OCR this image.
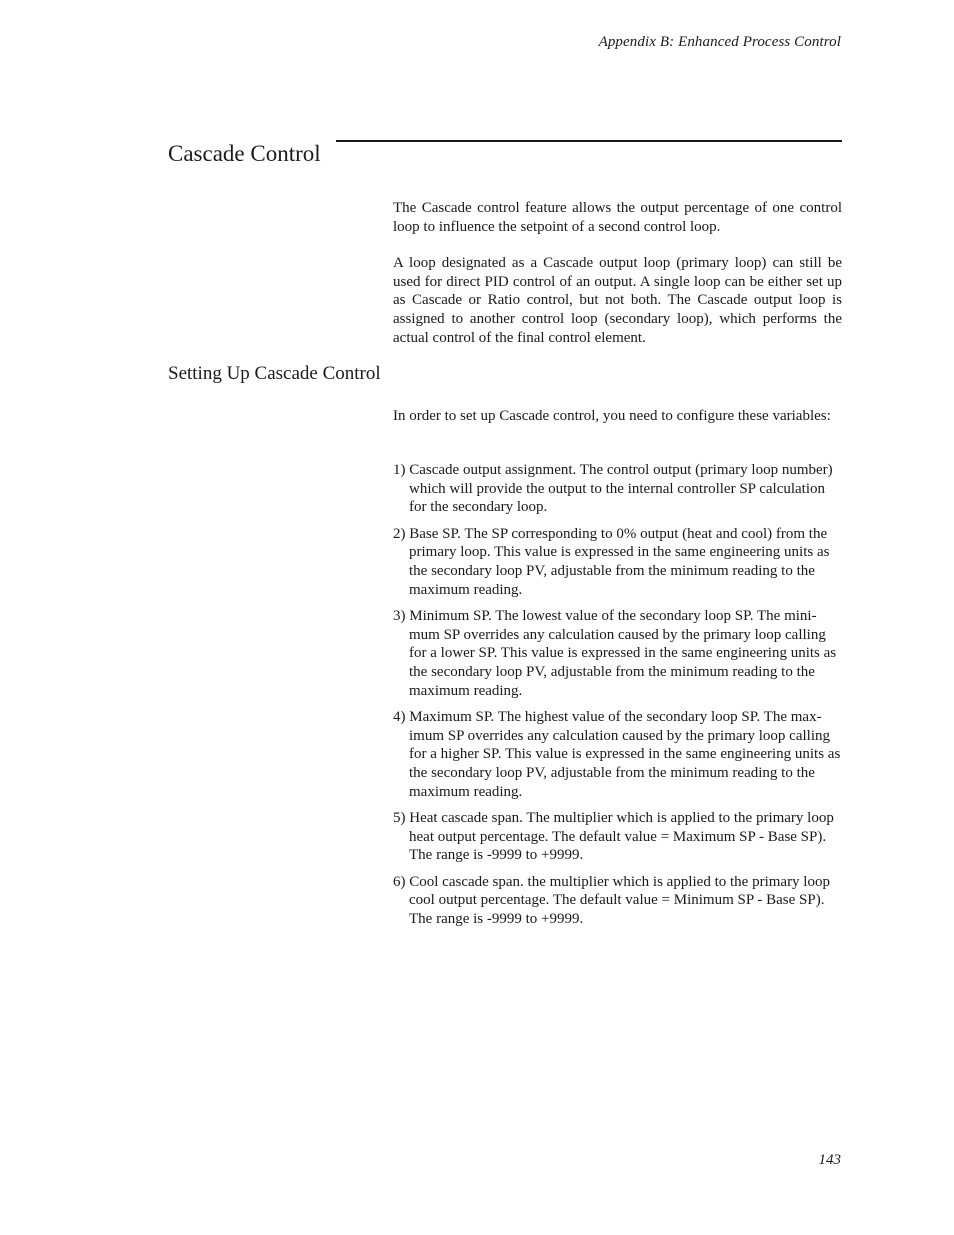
Appendix B: Enhanced Process Control
Cascade Control

The Cascade control feature allows the output percentage of one control loop to influence the setpoint of a second control loop.

A loop designated as a Cascade output loop (primary loop) can still be used for direct PID control of an output. A single loop can be either set up as Cascade or Ratio control, but not both. The Cascade output loop is assigned to another control loop (secondary loop), which performs the actual control of the final control element.

Setting Up Cascade Control

In order to set up Cascade control, you need to configure these variables:

1) Cascade output assignment. The control output (primary loop number) which will provide the output to the internal controller SP calculation for the secondary loop.
2) Base SP. The SP corresponding to 0% output (heat and cool) from the primary loop. This value is expressed in the same engineering units as the secondary loop PV, adjustable from the minimum reading to the maximum reading.
3) Minimum SP. The lowest value of the secondary loop SP. The minimum SP overrides any calculation caused by the primary loop calling for a lower SP. This value is expressed in the same engineering units as the secondary loop PV, adjustable from the minimum reading to the maximum reading.
4) Maximum SP. The highest value of the secondary loop SP. The maximum SP overrides any calculation caused by the primary loop calling for a higher SP. This value is expressed in the same engineering units as the secondary loop PV, adjustable from the minimum reading to the maximum reading.
5) Heat cascade span. The multiplier which is applied to the primary loop heat output percentage. The default value = Maximum SP - Base SP). The range is -9999 to +9999.
6) Cool cascade span. the multiplier which is applied to the primary loop cool output percentage. The default value = Minimum SP - Base SP). The range is -9999 to +9999.
143
